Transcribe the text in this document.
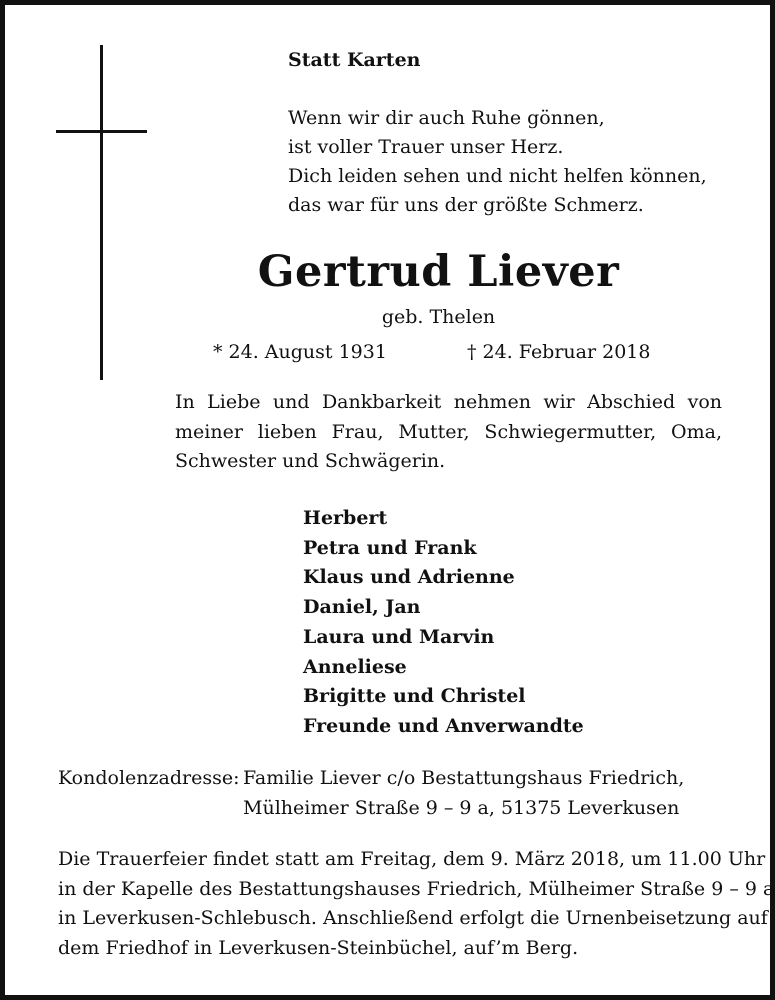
Statt Karten
Wenn wir dir auch Ruhe gönnen,
ist voller Trauer unser Herz.
Dich leiden sehen und nicht helfen können,
das war für uns der größte Schmerz.
Gertrud Liever
geb. Thelen
* 24. August 1931	† 24. Februar 2018
In Liebe und Dankbarkeit nehmen wir Abschied von meiner lieben Frau, Mutter, Schwiegermutter, Oma, Schwester und Schwägerin.
Herbert
Petra und Frank
Klaus und Adrienne
Daniel, Jan
Laura und Marvin
Anneliese
Brigitte und Christel
Freunde und Anverwandte
Kondolenzadresse: Familie Liever c/o Bestattungshaus Friedrich,
Mülheimer Straße 9 – 9 a, 51375 Leverkusen
Die Trauerfeier findet statt am Freitag, dem 9. März 2018, um 11.00 Uhr
in der Kapelle des Bestattungshauses Friedrich, Mülheimer Straße 9 – 9 a
in Leverkusen-Schlebusch. Anschließend erfolgt die Urnenbeisetzung auf
dem Friedhof in Leverkusen-Steinbüchel, auf’m Berg.
